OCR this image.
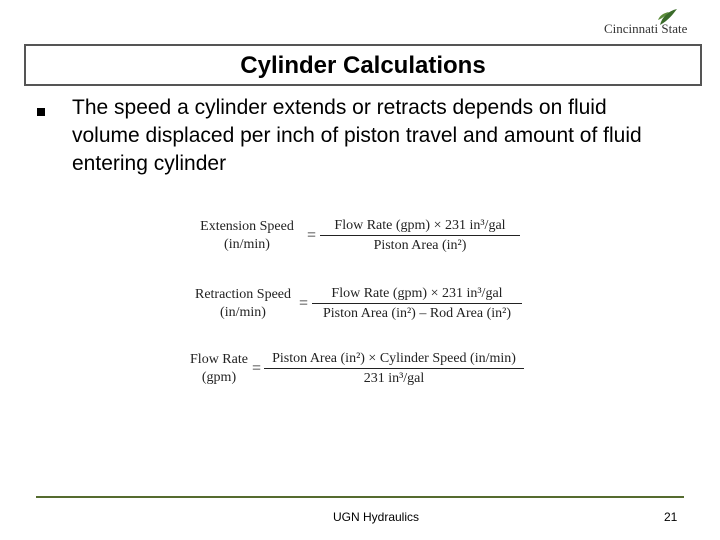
Cincinnati State
Cylinder Calculations
The speed a cylinder extends or retracts depends on fluid volume displaced per inch of piston travel and amount of fluid entering cylinder
Extension Speed
(in/min)
=
Flow Rate (gpm) × 231 in³/gal
Piston Area (in²)
Retraction Speed
(in/min)
=
Flow Rate (gpm) × 231 in³/gal
Piston Area (in²) – Rod Area (in²)
Flow Rate
(gpm)
=
Piston Area (in²) × Cylinder Speed (in/min)
231 in³/gal
UGN Hydraulics	21
